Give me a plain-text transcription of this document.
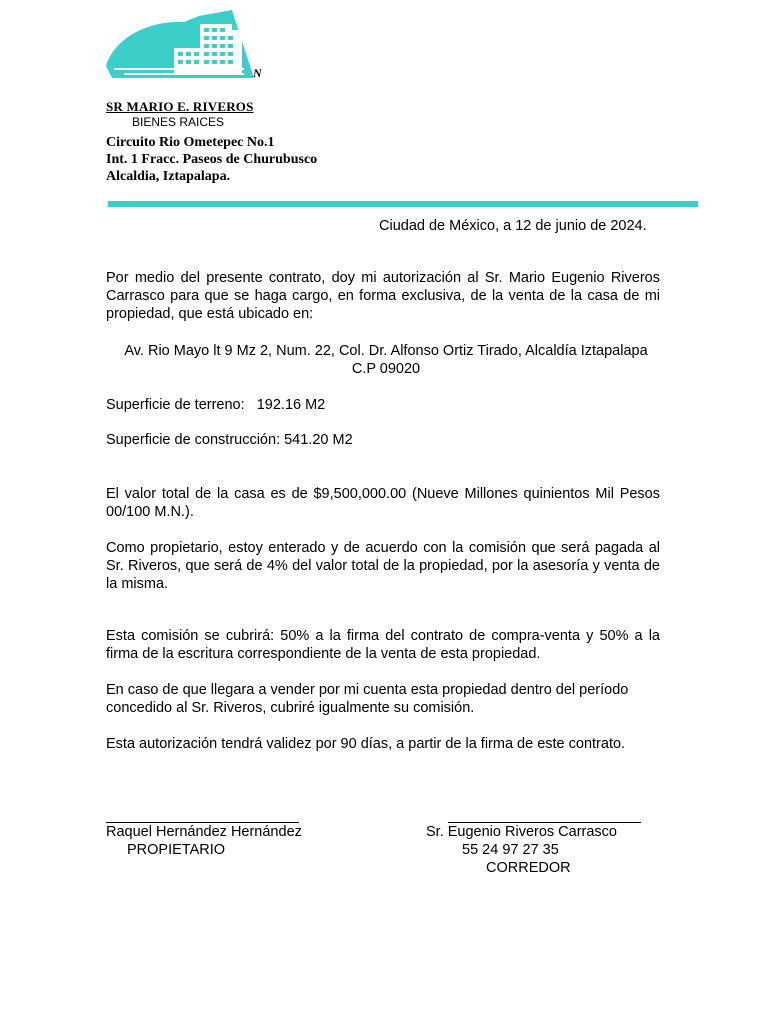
N
SR MARIO E. RIVEROS
BIENES RAICES
Circuito Rio Ometepec No.1
Int. 1 Fracc. Paseos de Churubusco
Alcaldia, Iztapalapa.
Ciudad de México, a 12 de junio de 2024.
Por medio del presente contrato, doy mi autorización al Sr. Mario Eugenio Riveros Carrasco para que se haga cargo, en forma exclusiva, de la venta de la casa de mi propiedad, que está ubicado en:
Av. Rio Mayo lt 9 Mz 2, Num. 22, Col. Dr. Alfonso Ortiz Tirado, Alcaldía Iztapalapa
C.P 09020
Superficie de terreno:   192.16 M2
Superficie de construcción: 541.20 M2
El valor total de la casa es de $9,500,000.00 (Nueve Millones quinientos Mil Pesos 00/100 M.N.).
Como propietario, estoy enterado y de acuerdo con la comisión que será pagada al Sr. Riveros, que será de 4% del valor total de la propiedad, por la asesoría y venta de la misma.
Esta comisión se cubrirá: 50% a la firma del contrato de compra-venta y 50% a la firma de la escritura correspondiente de la venta de esta propiedad.
En caso de que llegara a vender por mi cuenta esta propiedad dentro del período concedido al Sr. Riveros, cubriré igualmente su comisión.
Esta autorización tendrá validez por 90 días, a partir de la firma de este contrato.
Raquel Hernández Hernández
PROPIETARIO
Sr. Eugenio Riveros Carrasco
55 24 97 27 35
CORREDOR
